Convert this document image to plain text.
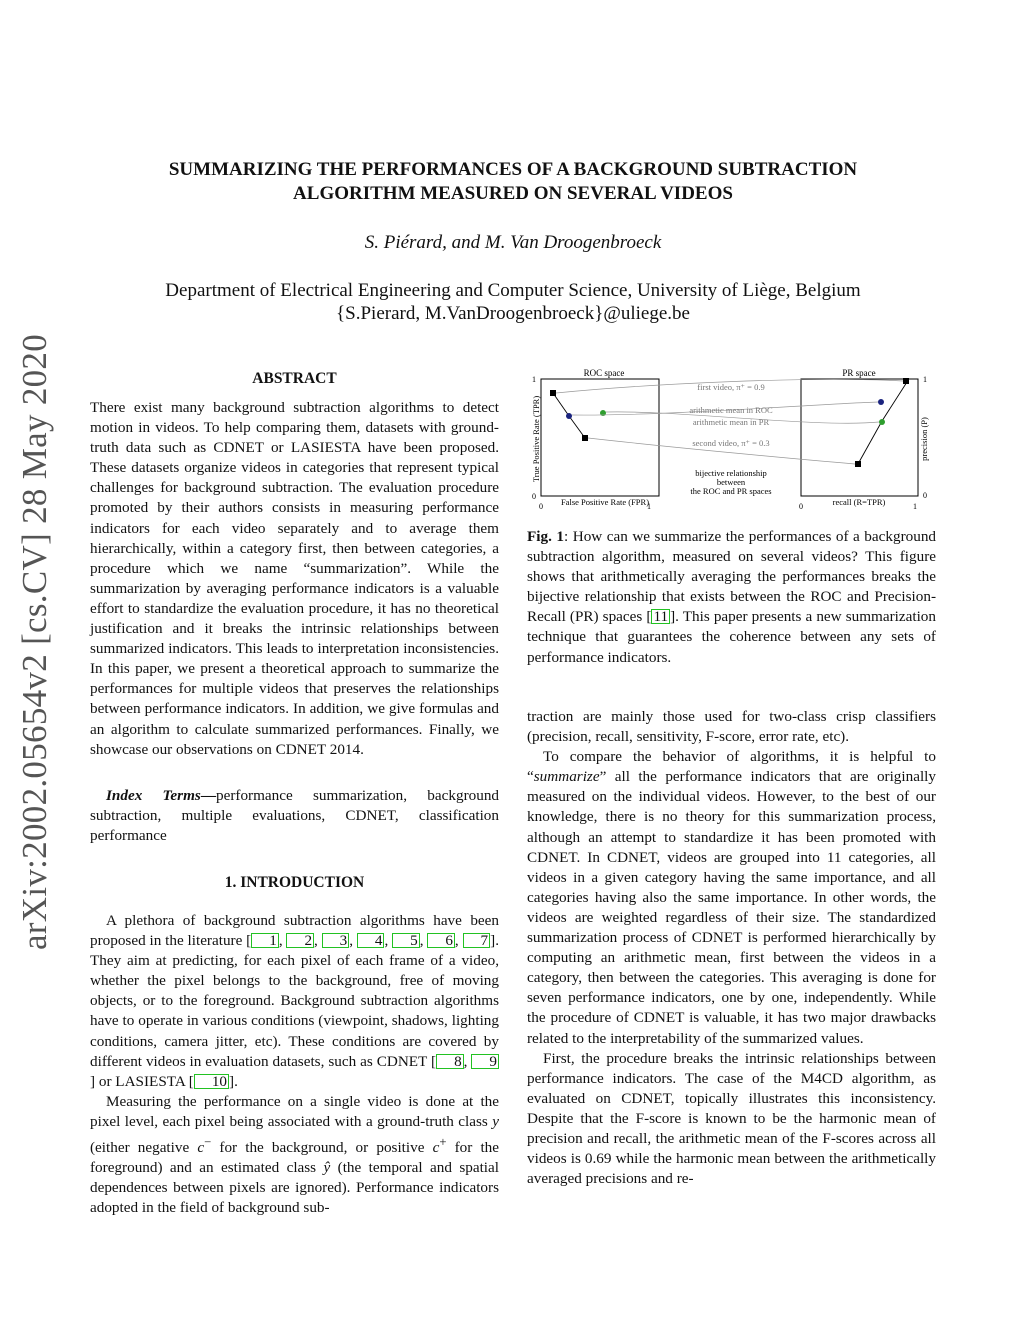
arXiv:2002.05654v2 [cs.CV] 28 May 2020
SUMMARIZING THE PERFORMANCES OF A BACKGROUND SUBTRACTION
ALGORITHM MEASURED ON SEVERAL VIDEOS
S. Piérard, and M. Van Droogenbroeck
Department of Electrical Engineering and Computer Science, University of Liège, Belgium
{S.Pierard, M.VanDroogenbroeck}@uliege.be
ABSTRACT

There exist many background subtraction algorithms to detect motion in videos. To help comparing them, datasets with ground-truth data such as CDNET or LASIESTA have been proposed. These datasets organize videos in categories that represent typical challenges for background subtraction. The evaluation procedure promoted by their authors consists in measuring performance indicators for each video separately and to average them hierarchically, within a category first, then between categories, a procedure which we name “summarization”. While the summarization by averaging performance indicators is a valuable effort to standardize the evaluation procedure, it has no theoretical justification and it breaks the intrinsic relationships between summarized indicators. This leads to interpretation inconsistencies. In this paper, we present a theoretical approach to summarize the performances for multiple videos that preserves the relationships between performance indicators. In addition, we give formulas and an algorithm to calculate summarized performances. Finally, we showcase our observations on CDNET 2014.

Index Terms—performance summarization, background subtraction, multiple evaluations, CDNET, classification performance

1. INTRODUCTION

A plethora of background subtraction algorithms have been proposed in the literature [ 1 , 2 , 3 , 4 , 5 , 6 , 7 ]. They aim at predicting, for each pixel of each frame of a video, whether the pixel belongs to the background, free of moving objects, or to the foreground. Background subtraction algorithms have to operate in various conditions (viewpoint, shadows, lighting conditions, camera jitter, etc). These conditions are covered by different videos in evaluation datasets, such as CDNET [ 8 , 9] or LASIESTA [ 10 ].

Measuring the performance on a single video is done at the pixel level, each pixel being associated with a ground-truth class y (either negative c− for the background, or positive c+ for the foreground) and an estimated class ŷ (the temporal and spatial dependences between pixels are ignored). Performance indicators adopted in the field of background sub-

ROC space	PR space
True Positive Rate (TPR)
False Positive Rate (FPR)
precision (P)
recall (R=TPR)
1
0
0	1	0	1
1
0
first video, π⁺ = 0.9
arithmetic mean in ROC
arithmetic mean in PR
second video, π⁺ = 0.3
bijective relationship
between
the ROC and PR spaces

Fig. 1: How can we summarize the performances of a background subtraction algorithm, measured on several videos? This figure shows that arithmetically averaging the performances breaks the bijective relationship that exists between the ROC and Precision-Recall (PR) spaces [ 11 ]. This paper presents a new summarization technique that guarantees the coherence between any sets of performance indicators.

traction are mainly those used for two-class crisp classifiers (precision, recall, sensitivity, F-score, error rate, etc).

To compare the behavior of algorithms, it is helpful to “summarize” all the performance indicators that are originally measured on the individual videos. However, to the best of our knowledge, there is no theory for this summarization process, although an attempt to standardize it has been promoted with CDNET. In CDNET, videos are grouped into 11 categories, all videos in a given category having the same importance, and all categories having also the same importance. In other words, the videos are weighted regardless of their size. The standardized summarization process of CDNET is performed hierarchically by computing an arithmetic mean, first between the videos in a category, then between the categories. This averaging is done for seven performance indicators, one by one, independently. While the procedure of CDNET is valuable, it has two major drawbacks related to the interpretability of the summarized values.

First, the procedure breaks the intrinsic relationships between performance indicators. The case of the M4CD algorithm, as evaluated on CDNET, topically illustrates this inconsistency. Despite that the F-score is known to be the harmonic mean of precision and recall, the arithmetic mean of the F-scores across all videos is 0.69 while the harmonic mean between the arithmetically averaged precisions and re-
